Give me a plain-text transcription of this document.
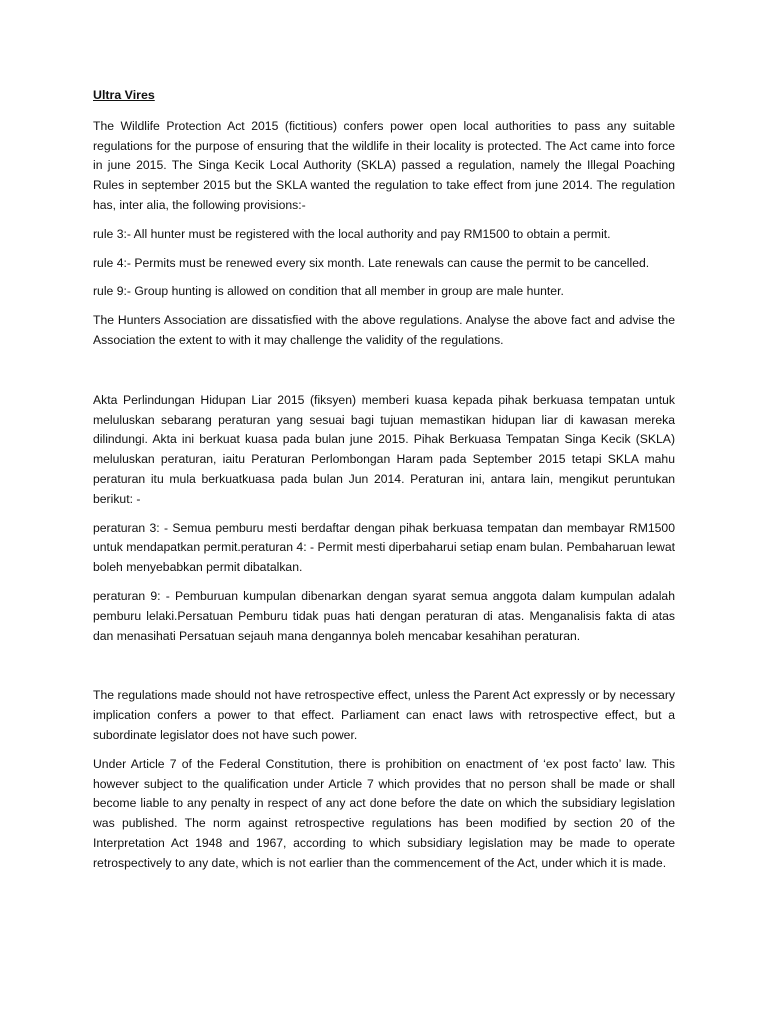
Ultra Vires

The Wildlife Protection Act 2015 (fictitious) confers power open local authorities to pass any suitable regulations for the purpose of ensuring that the wildlife in their locality is protected. The Act came into force in june 2015. The Singa Kecik Local Authority (SKLA) passed a regulation, namely the Illegal Poaching Rules in september 2015 but the SKLA wanted the regulation to take effect from june 2014. The regulation has, inter alia, the following provisions:-

rule 3:- All hunter must be registered with the local authority and pay RM1500 to obtain a permit.

rule 4:- Permits must be renewed every six month. Late renewals can cause the permit to be cancelled.

rule 9:- Group hunting is allowed on condition that all member in group are male hunter.

The Hunters Association are dissatisfied with the above regulations. Analyse the above fact and advise the Association the extent to with it may challenge the validity of the regulations.

Akta Perlindungan Hidupan Liar 2015 (fiksyen) memberi kuasa kepada pihak berkuasa tempatan untuk meluluskan sebarang peraturan yang sesuai bagi tujuan memastikan hidupan liar di kawasan mereka dilindungi. Akta ini berkuat kuasa pada bulan june 2015. Pihak Berkuasa Tempatan Singa Kecik (SKLA) meluluskan peraturan, iaitu Peraturan Perlombongan Haram pada September 2015 tetapi SKLA mahu peraturan itu mula berkuatkuasa pada bulan Jun 2014. Peraturan ini, antara lain, mengikut peruntukan berikut: -

peraturan 3: - Semua pemburu mesti berdaftar dengan pihak berkuasa tempatan dan membayar RM1500 untuk mendapatkan permit.peraturan 4: - Permit mesti diperbaharui setiap enam bulan. Pembaharuan lewat boleh menyebabkan permit dibatalkan.

peraturan 9: - Pemburuan kumpulan dibenarkan dengan syarat semua anggota dalam kumpulan adalah pemburu lelaki.Persatuan Pemburu tidak puas hati dengan peraturan di atas. Menganalisis fakta di atas dan menasihati Persatuan sejauh mana dengannya boleh mencabar kesahihan peraturan.

The regulations made should not have retrospective effect, unless the Parent Act expressly or by necessary implication confers a power to that effect. Parliament can enact laws with retrospective effect, but a subordinate legislator does not have such power.

Under Article 7 of the Federal Constitution, there is prohibition on enactment of ‘ex post facto’ law. This however subject to the qualification under Article 7 which provides that no person shall be made or shall become liable to any penalty in respect of any act done before the date on which the subsidiary legislation was published. The norm against retrospective regulations has been modified by section 20 of the Interpretation Act 1948 and 1967, according to which subsidiary legislation may be made to operate retrospectively to any date, which is not earlier than the commencement of the Act, under which it is made.
